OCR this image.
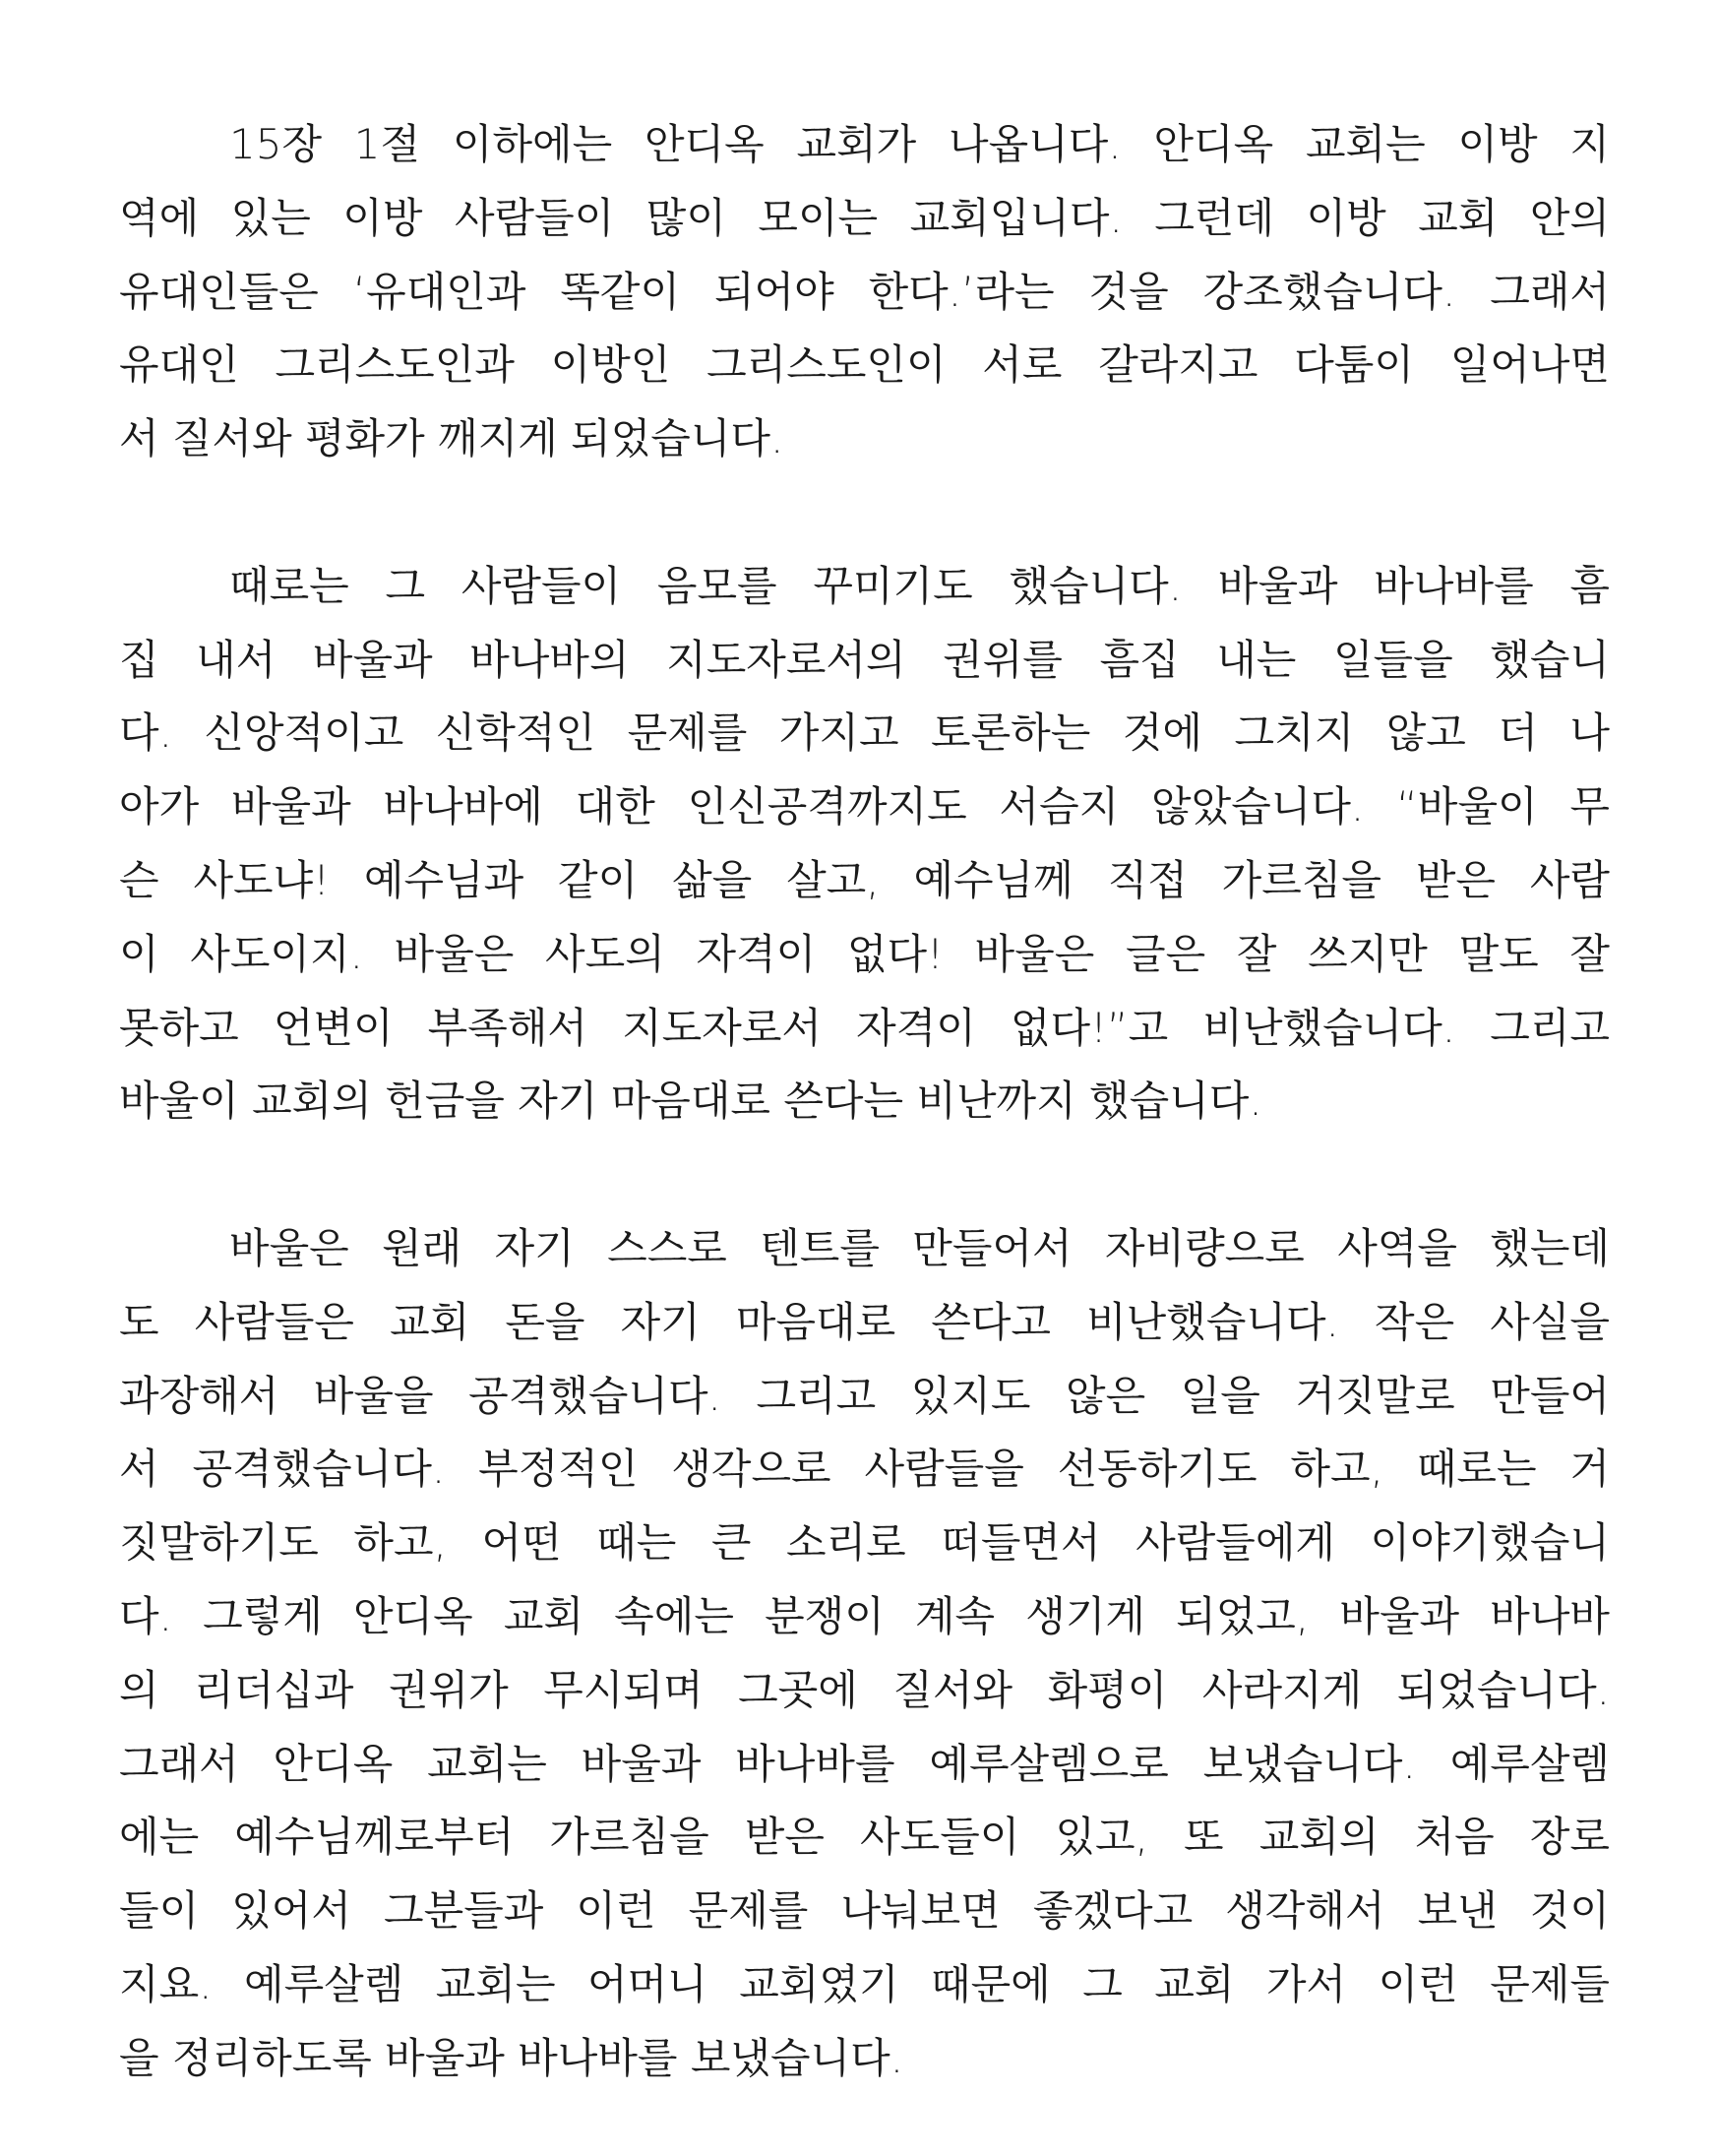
15장 1절 이하에는 안디옥 교회가 나옵니다. 안디옥 교회는 이방 지
역에 있는 이방 사람들이 많이 모이는 교회입니다. 그런데 이방 교회 안의
유대인들은 ‘유대인과 똑같이 되어야 한다.’라는 것을 강조했습니다. 그래서
유대인 그리스도인과 이방인 그리스도인이 서로 갈라지고 다툼이 일어나면
서 질서와 평화가 깨지게 되었습니다.
때로는 그 사람들이 음모를 꾸미기도 했습니다. 바울과 바나바를 흠
집 내서 바울과 바나바의 지도자로서의 권위를 흠집 내는 일들을 했습니
다. 신앙적이고 신학적인 문제를 가지고 토론하는 것에 그치지 않고 더 나
아가 바울과 바나바에 대한 인신공격까지도 서슴지 않았습니다. “바울이 무
슨 사도냐! 예수님과 같이 삶을 살고, 예수님께 직접 가르침을 받은 사람
이 사도이지. 바울은 사도의 자격이 없다! 바울은 글은 잘 쓰지만 말도 잘
못하고 언변이 부족해서 지도자로서 자격이 없다!”고 비난했습니다. 그리고
바울이 교회의 헌금을 자기 마음대로 쓴다는 비난까지 했습니다.
바울은 원래 자기 스스로 텐트를 만들어서 자비량으로 사역을 했는데
도 사람들은 교회 돈을 자기 마음대로 쓴다고 비난했습니다. 작은 사실을
과장해서 바울을 공격했습니다. 그리고 있지도 않은 일을 거짓말로 만들어
서 공격했습니다. 부정적인 생각으로 사람들을 선동하기도 하고, 때로는 거
짓말하기도 하고, 어떤 때는 큰 소리로 떠들면서 사람들에게 이야기했습니
다. 그렇게 안디옥 교회 속에는 분쟁이 계속 생기게 되었고, 바울과 바나바
의 리더십과 권위가 무시되며 그곳에 질서와 화평이 사라지게 되었습니다.
그래서 안디옥 교회는 바울과 바나바를 예루살렘으로 보냈습니다. 예루살렘
에는 예수님께로부터 가르침을 받은 사도들이 있고, 또 교회의 처음 장로
들이 있어서 그분들과 이런 문제를 나눠보면 좋겠다고 생각해서 보낸 것이
지요. 예루살렘 교회는 어머니 교회였기 때문에 그 교회 가서 이런 문제들
을 정리하도록 바울과 바나바를 보냈습니다.
